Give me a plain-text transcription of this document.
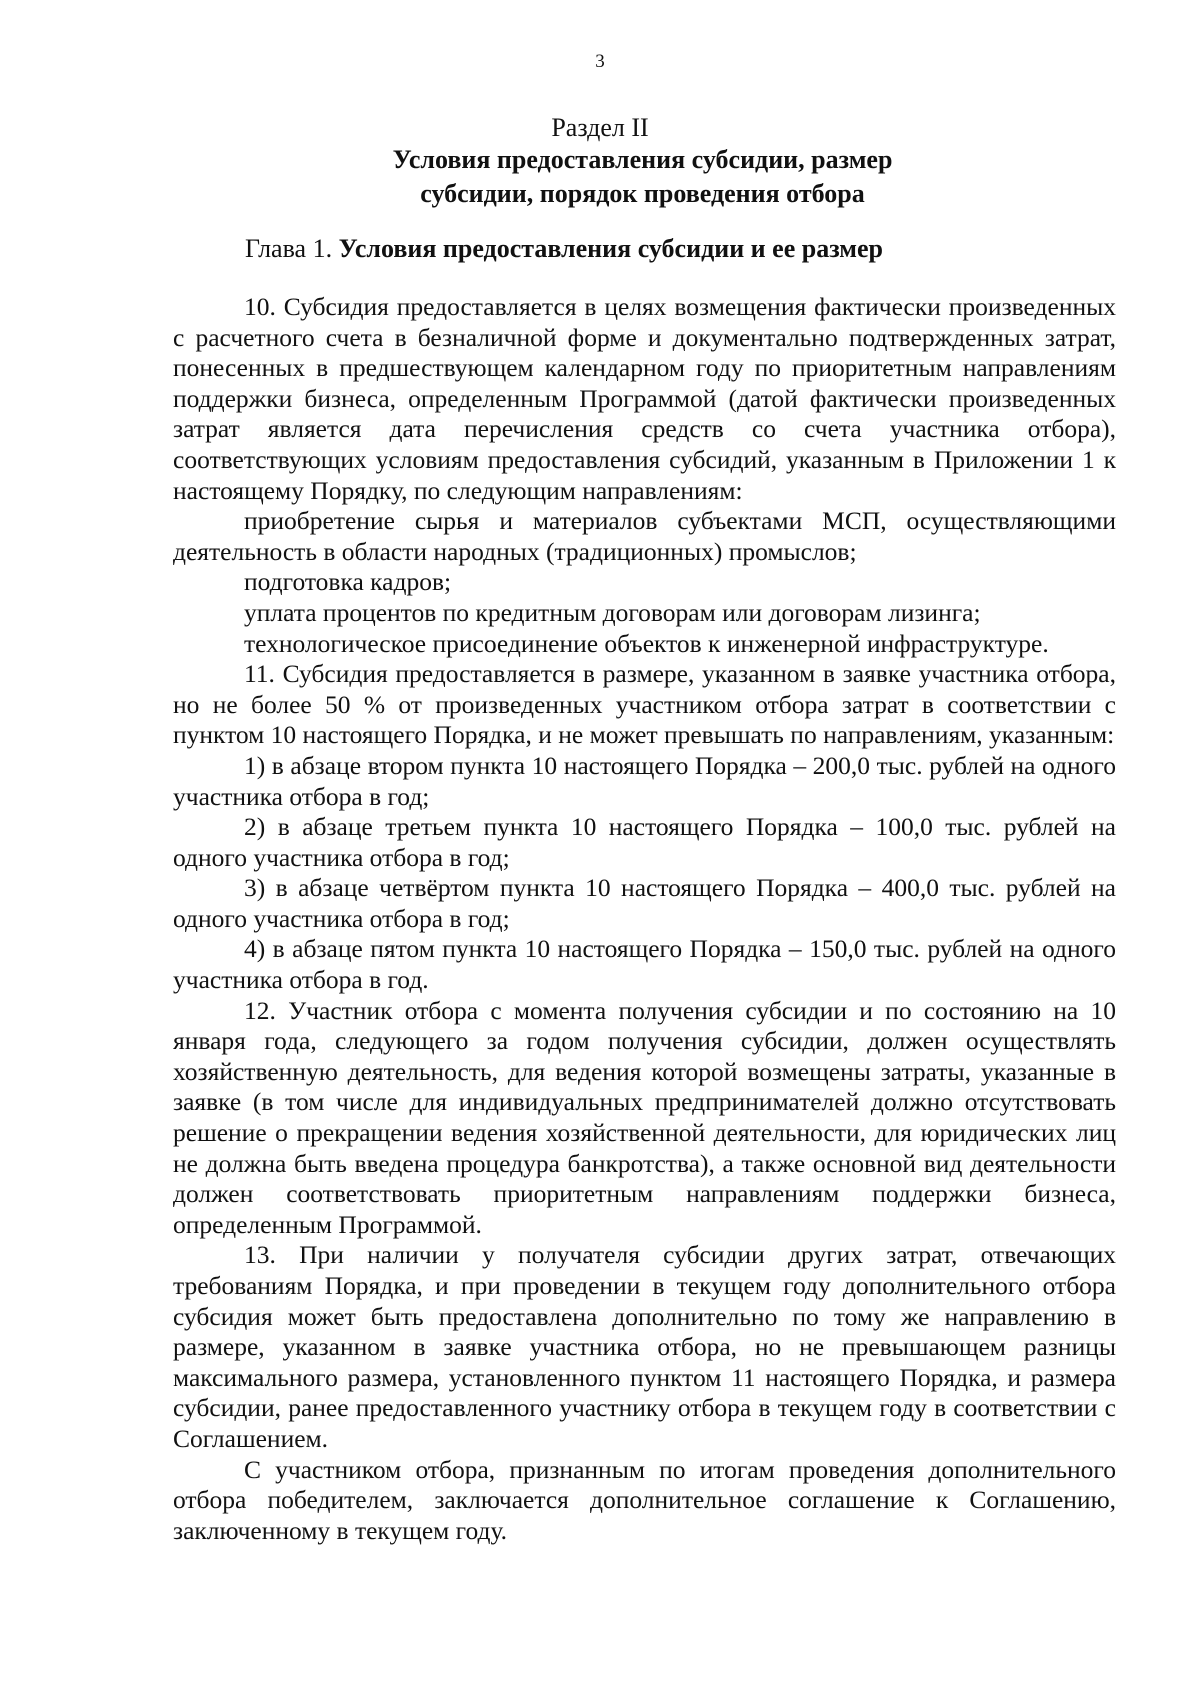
3
Раздел II
Условия предоставления субсидии, размер
субсидии, порядок проведения отбора
Глава 1. Условия предоставления субсидии и ее размер

10. Субсидия предоставляется в целях возмещения фактически произведенных с расчетного счета в безналичной форме и документально подтвержденных затрат, понесенных в предшествующем календарном году по приоритетным направлениям поддержки бизнеса, определенным Программой (датой фактически произведенных затрат является дата перечисления средств со счета участника отбора), соответствующих условиям предоставления субсидий, указанным в Приложении 1 к настоящему Порядку, по следующим направлениям:

приобретение сырья и материалов субъектами МСП, осуществляющими деятельность в области народных (традиционных) промыслов;

подготовка кадров;

уплата процентов по кредитным договорам или договорам лизинга;

технологическое присоединение объектов к инженерной инфраструктуре.

11. Субсидия предоставляется в размере, указанном в заявке участника отбора, но не более 50 % от произведенных участником отбора затрат в соответствии с пунктом 10 настоящего Порядка, и не может превышать по направлениям, указанным:

1) в абзаце втором пункта 10 настоящего Порядка – 200,0 тыс. рублей на одного участника отбора в год;

2) в абзаце третьем пункта 10 настоящего Порядка – 100,0 тыс. рублей на одного участника отбора в год;

3) в абзаце четвёртом пункта 10 настоящего Порядка – 400,0 тыс. рублей на одного участника отбора в год;

4) в абзаце пятом пункта 10 настоящего Порядка – 150,0 тыс. рублей на одного участника отбора в год.

12. Участник отбора с момента получения субсидии и по состоянию на 10 января года, следующего за годом получения субсидии, должен осуществлять хозяйственную деятельность, для ведения которой возмещены затраты, указанные в заявке (в том числе для индивидуальных предпринимателей должно отсутствовать решение о прекращении ведения хозяйственной деятельности, для юридических лиц не должна быть введена процедура банкротства), а также основной вид деятельности должен соответствовать приоритетным направлениям поддержки бизнеса, определенным Программой.

13. При наличии у получателя субсидии других затрат, отвечающих требованиям Порядка, и при проведении в текущем году дополнительного отбора субсидия может быть предоставлена дополнительно по тому же направлению в размере, указанном в заявке участника отбора, но не превышающем разницы максимального размера, установленного пунктом 11 настоящего Порядка, и размера субсидии, ранее предоставленного участнику отбора в текущем году в соответствии с Соглашением.

С участником отбора, признанным по итогам проведения дополнительного отбора победителем, заключается дополнительное соглашение к Соглашению, заключенному в текущем году.
